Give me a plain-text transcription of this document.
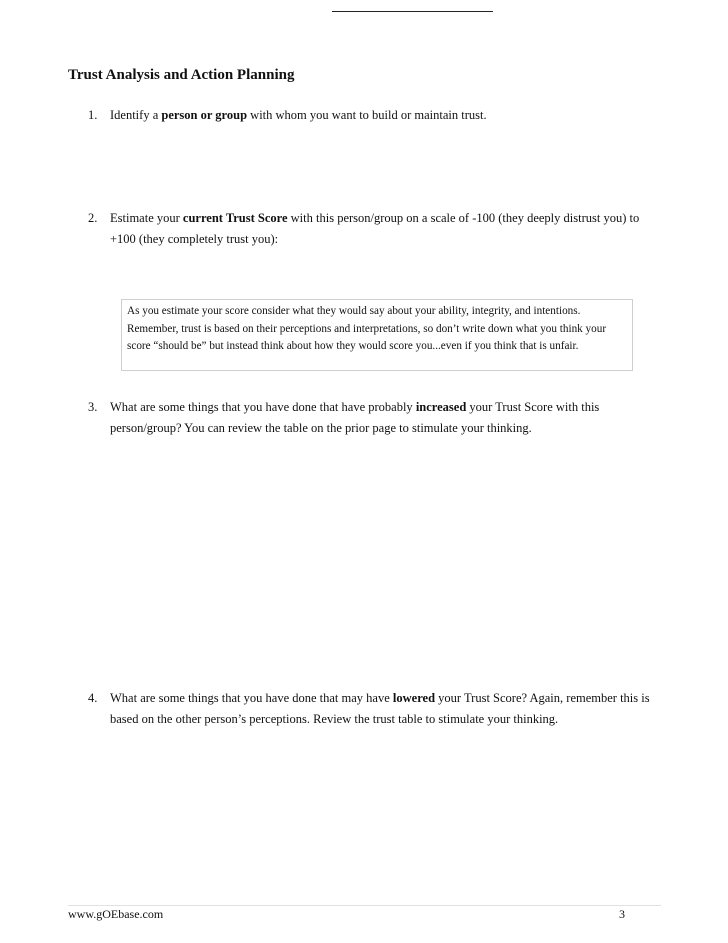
Trust Analysis and Action Planning
1. Identify a person or group with whom you want to build or maintain trust.
2. Estimate your current Trust Score with this person/group on a scale of -100 (they deeply distrust you) to +100 (they completely trust you):
As you estimate your score consider what they would say about your ability, integrity, and intentions. Remember, trust is based on their perceptions and interpretations, so don’t write down what you think your score “should be” but instead think about how they would score you...even if you think that is unfair.
3. What are some things that you have done that have probably increased your Trust Score with this person/group? You can review the table on the prior page to stimulate your thinking.
4. What are some things that you have done that may have lowered your Trust Score? Again, remember this is based on the other person’s perceptions. Review the trust table to stimulate your thinking.
www.gOEbase.com	3
